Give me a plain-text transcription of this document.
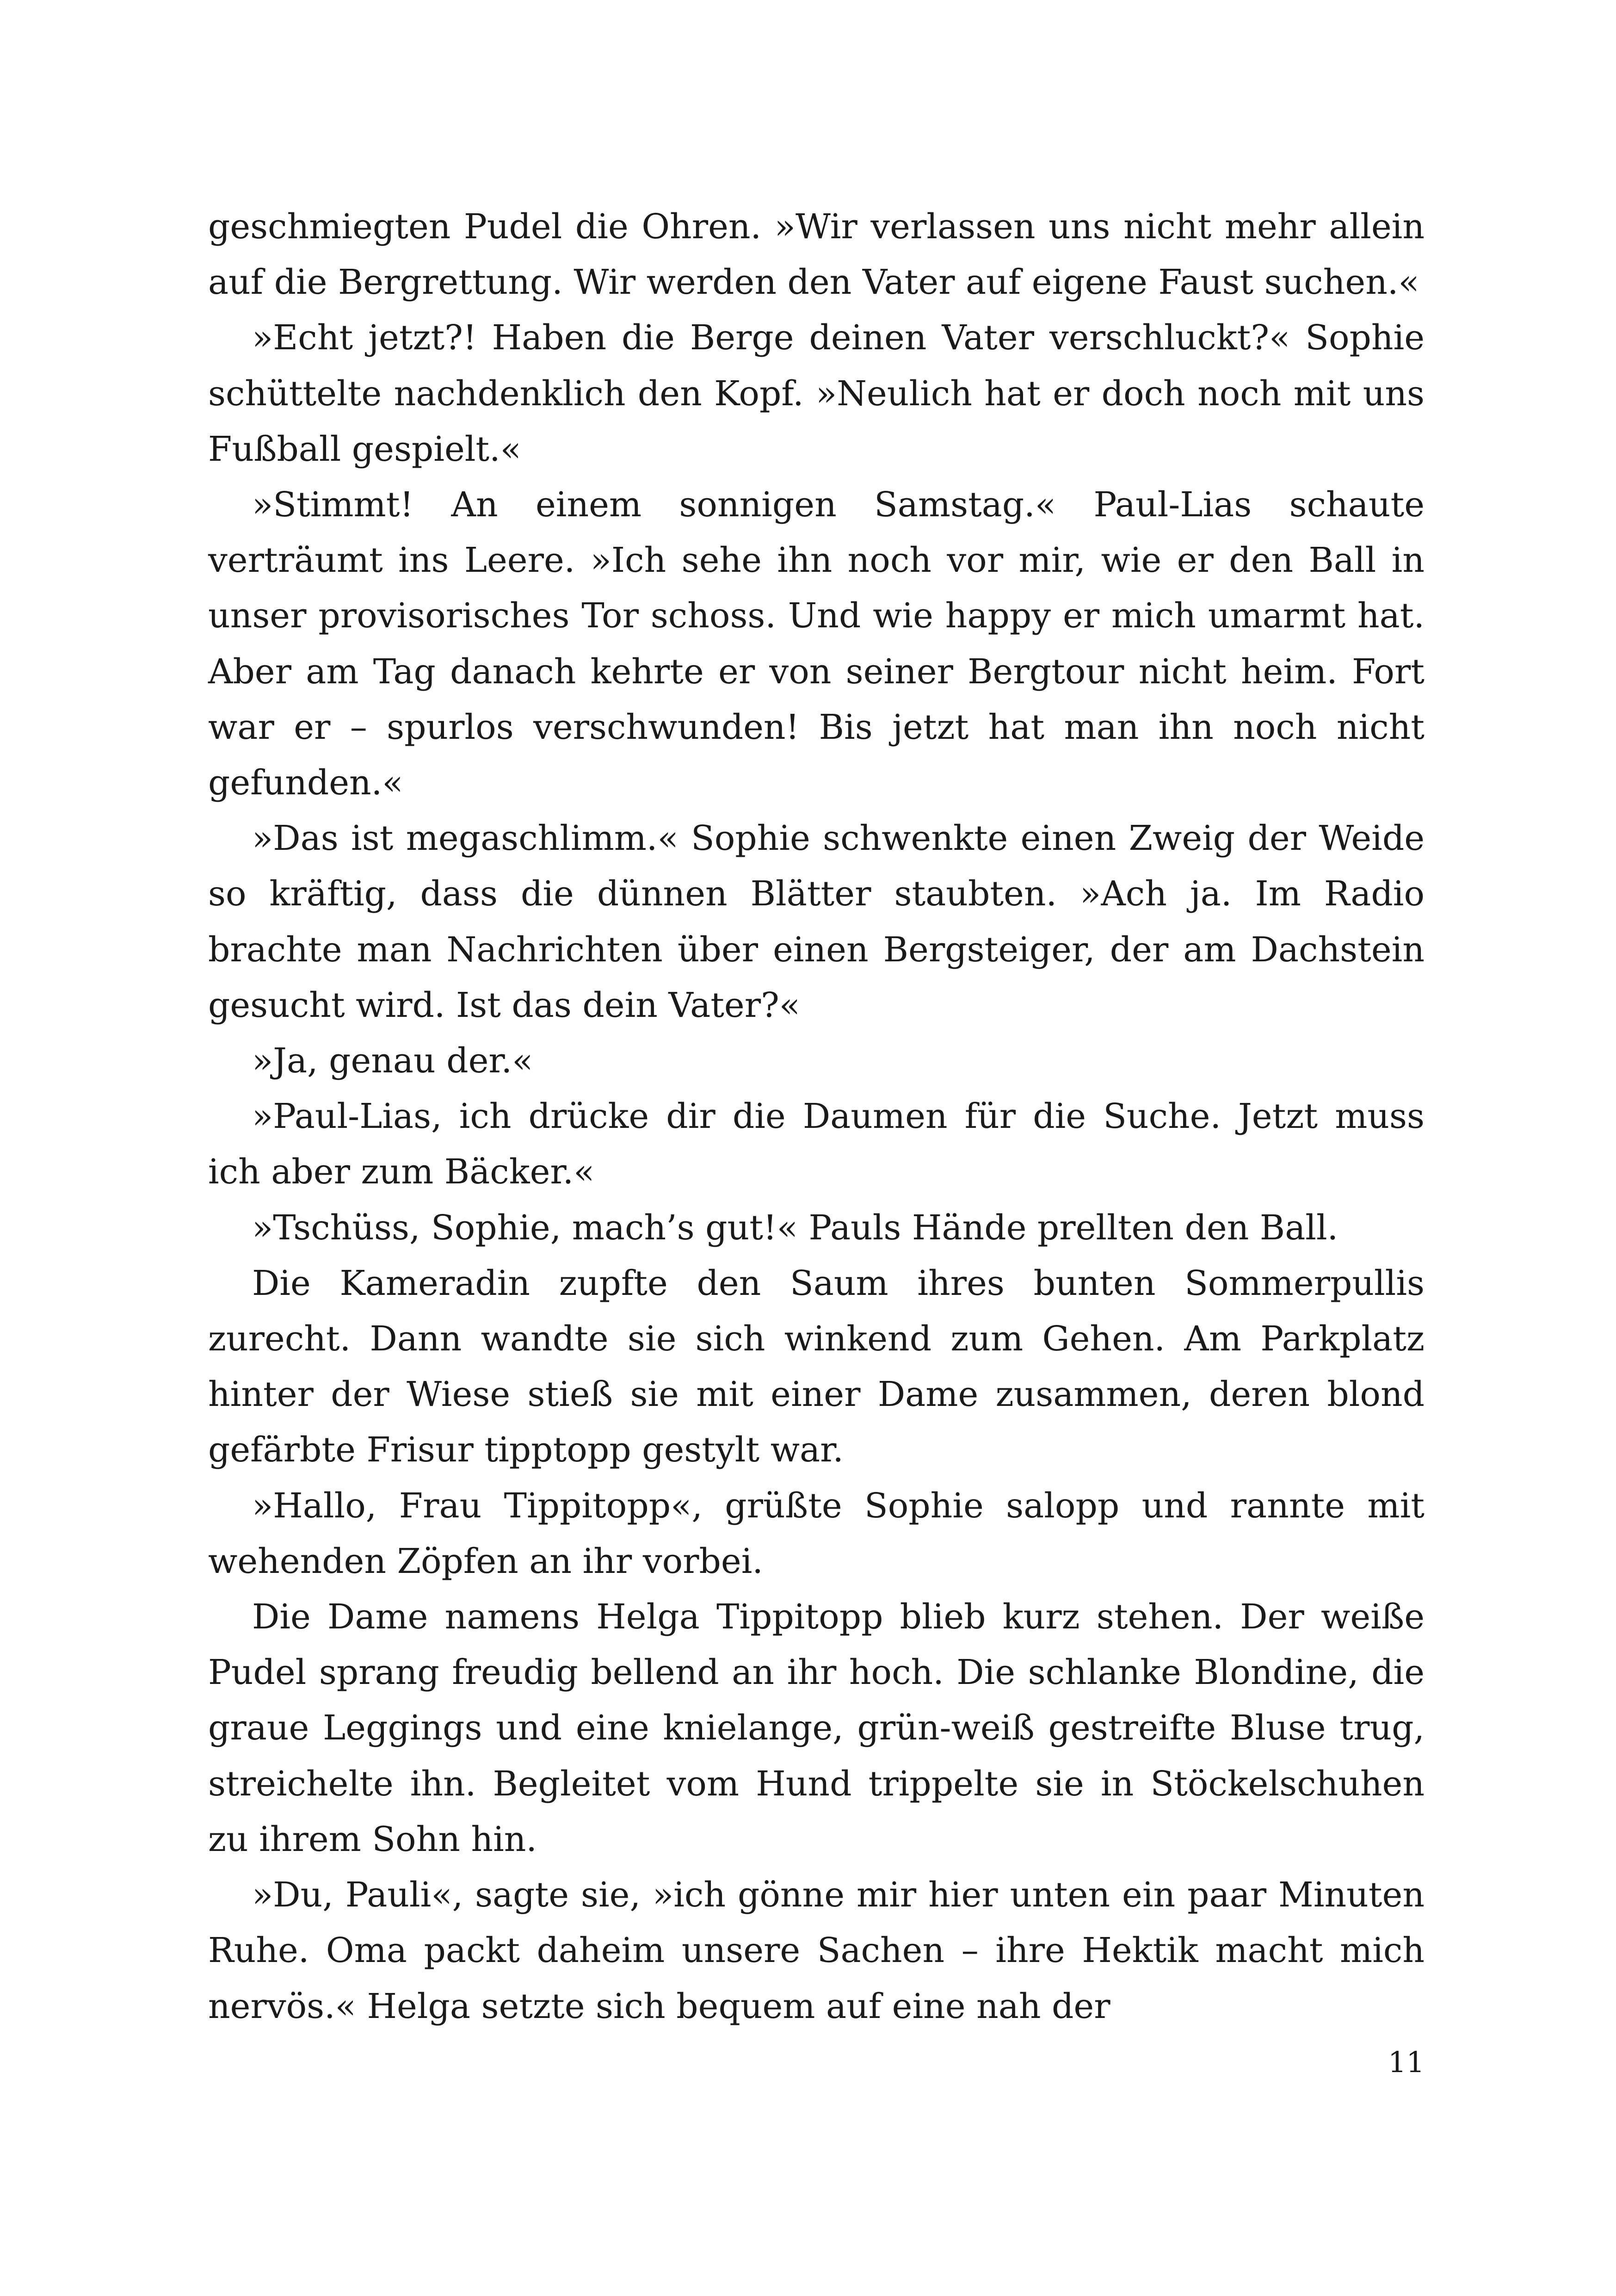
geschmiegten Pudel die Ohren. »Wir verlassen uns nicht mehr allein auf die Bergrettung. Wir werden den Vater auf eigene Faust suchen.«

»Echt jetzt?! Haben die Berge deinen Vater verschluckt?« Sophie schüttelte nachdenklich den Kopf. »Neulich hat er doch noch mit uns Fußball gespielt.«

»Stimmt! An einem sonnigen Samstag.« Paul-Lias schaute verträumt ins Leere. »Ich sehe ihn noch vor mir, wie er den Ball in unser provisorisches Tor schoss. Und wie happy er mich umarmt hat. Aber am Tag danach kehrte er von seiner Bergtour nicht heim. Fort war er – spurlos verschwunden! Bis jetzt hat man ihn noch nicht gefunden.«

»Das ist megaschlimm.« Sophie schwenkte einen Zweig der Weide so kräftig, dass die dünnen Blätter staubten. »Ach ja. Im Radio brachte man Nachrichten über einen Bergsteiger, der am Dachstein gesucht wird. Ist das dein Vater?«

»Ja, genau der.«

»Paul-Lias, ich drücke dir die Daumen für die Suche. Jetzt muss ich aber zum Bäcker.«

»Tschüss, Sophie, mach’s gut!« Pauls Hände prellten den Ball.

Die Kameradin zupfte den Saum ihres bunten Sommerpullis zurecht. Dann wandte sie sich winkend zum Gehen. Am Parkplatz hinter der Wiese stieß sie mit einer Dame zusammen, deren blond gefärbte Frisur tipptopp gestylt war.

»Hallo, Frau Tippitopp«, grüßte Sophie salopp und rannte mit wehenden Zöpfen an ihr vorbei.

Die Dame namens Helga Tippitopp blieb kurz stehen. Der weiße Pudel sprang freudig bellend an ihr hoch. Die schlanke Blondine, die graue Leggings und eine knielange, grün-weiß gestreifte Bluse trug, streichelte ihn. Begleitet vom Hund trippelte sie in Stöckelschuhen zu ihrem Sohn hin.

»Du, Pauli«, sagte sie, »ich gönne mir hier unten ein paar Minuten Ruhe. Oma packt daheim unsere Sachen – ihre Hektik macht mich nervös.« Helga setzte sich bequem auf eine nah der

11
